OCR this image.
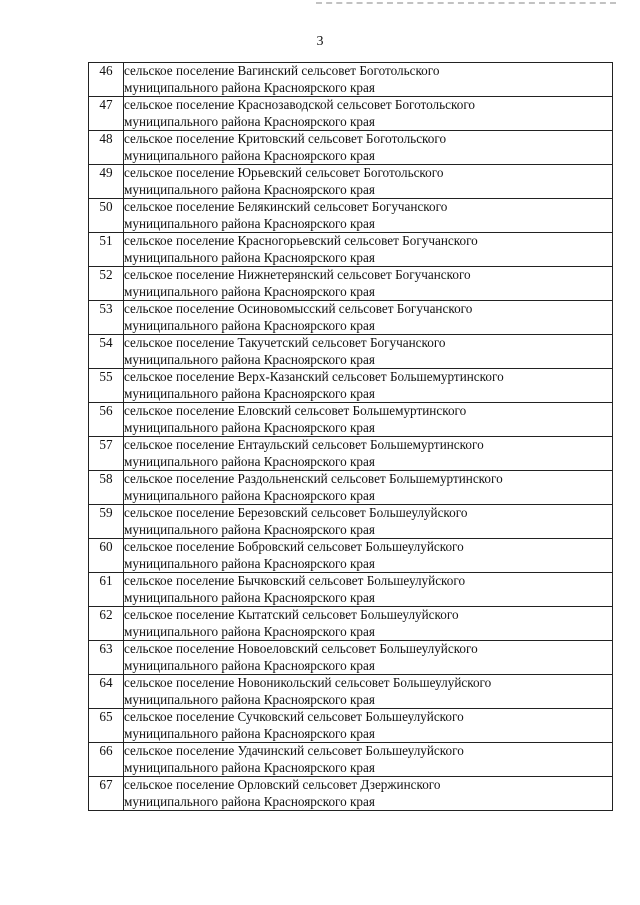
3
46	сельское поселение Вагинский сельсовет Боготольского
муниципального района Красноярского края

47	сельское поселение Краснозаводской сельсовет Боготольского
муниципального района Красноярского края

48	сельское поселение Критовский сельсовет Боготольского
муниципального района Красноярского края

49	сельское поселение Юрьевский сельсовет Боготольского
муниципального района Красноярского края

50	сельское поселение Белякинский сельсовет Богучанского
муниципального района Красноярского края

51	сельское поселение Красногорьевский сельсовет Богучанского
муниципального района Красноярского края

52	сельское поселение Нижнетерянский сельсовет Богучанского
муниципального района Красноярского края

53	сельское поселение Осиновомысский сельсовет Богучанского
муниципального района Красноярского края

54	сельское поселение Такучетский сельсовет Богучанского
муниципального района Красноярского края

55	сельское поселение Верх-Казанский сельсовет Большемуртинского
муниципального района Красноярского края

56	сельское поселение Еловский сельсовет Большемуртинского
муниципального района Красноярского края

57	сельское поселение Ентаульский сельсовет Большемуртинского
муниципального района Красноярского края

58	сельское поселение Раздольненский сельсовет Большемуртинского
муниципального района Красноярского края

59	сельское поселение Березовский сельсовет Большеулуйского
муниципального района Красноярского края

60	сельское поселение Бобровский сельсовет Большеулуйского
муниципального района Красноярского края

61	сельское поселение Бычковский сельсовет Большеулуйского
муниципального района Красноярского края

62	сельское поселение Кытатский сельсовет Большеулуйского
муниципального района Красноярского края

63	сельское поселение Новоеловский сельсовет Большеулуйского
муниципального района Красноярского края

64	сельское поселение Новоникольский сельсовет Большеулуйского
муниципального района Красноярского края

65	сельское поселение Сучковский сельсовет Большеулуйского
муниципального района Красноярского края

66	сельское поселение Удачинский сельсовет Большеулуйского
муниципального района Красноярского края

67	сельское поселение Орловский сельсовет Дзержинского
муниципального района Красноярского края
